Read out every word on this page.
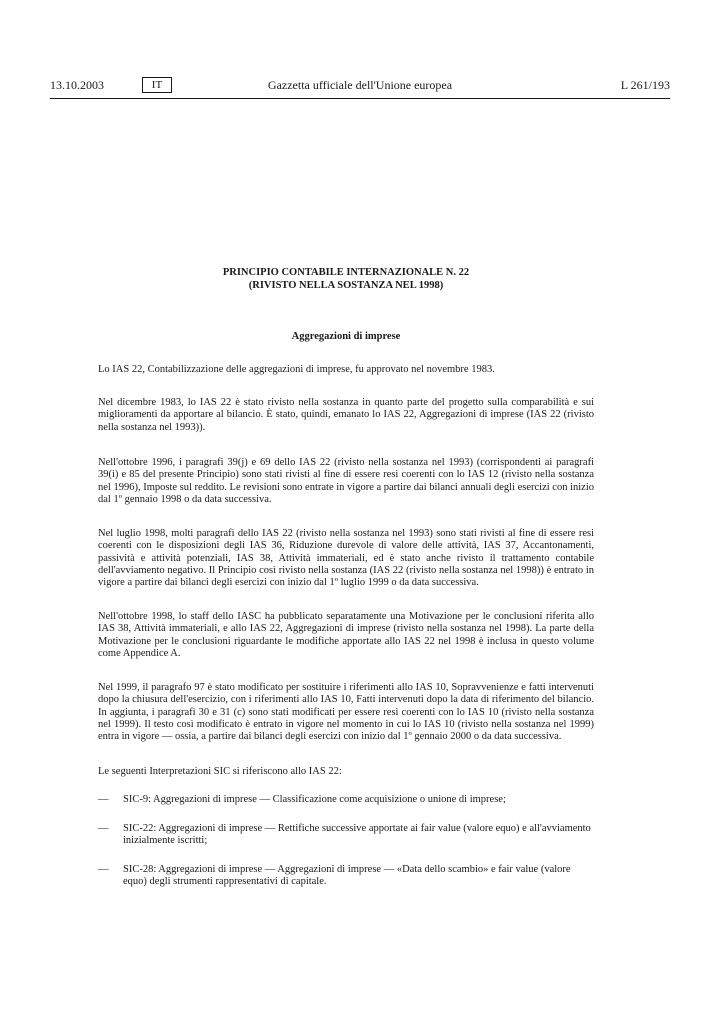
13.10.2003	IT	Gazzetta ufficiale dell'Unione europea	L 261/193
PRINCIPIO CONTABILE INTERNAZIONALE N. 22
(RIVISTO NELLA SOSTANZA NEL 1998)
Aggregazioni di imprese

Lo IAS 22, Contabilizzazione delle aggregazioni di imprese, fu approvato nel novembre 1983.

Nel dicembre 1983, lo IAS 22 è stato rivisto nella sostanza in quanto parte del progetto sulla comparabilità e sui miglioramenti da apportare al bilancio. È stato, quindi, emanato lo IAS 22, Aggregazioni di imprese (IAS 22 (rivisto nella sostanza nel 1993)).

Nell'ottobre 1996, i paragrafi 39(j) e 69 dello IAS 22 (rivisto nella sostanza nel 1993) (corrispondenti ai paragrafi 39(i) e 85 del presente Principio) sono stati rivisti al fine di essere resi coerenti con lo IAS 12 (rivisto nella sostanza nel 1996), Imposte sul reddito. Le revisioni sono entrate in vigore a partire dai bilanci annuali degli esercizi con inizio dal 1º gennaio 1998 o da data successiva.

Nel luglio 1998, molti paragrafi dello IAS 22 (rivisto nella sostanza nel 1993) sono stati rivisti al fine di essere resi coerenti con le disposizioni degli IAS 36, Riduzione durevole di valore delle attività, IAS 37, Accantonamenti, passività e attività potenziali, IAS 38, Attività immateriali, ed è stato anche rivisto il trattamento contabile dell'avviamento negativo. Il Principio così rivisto nella sostanza (IAS 22 (rivisto nella sostanza nel 1998)) è entrato in vigore a partire dai bilanci degli esercizi con inizio dal 1º luglio 1999 o da data successiva.

Nell'ottobre 1998, lo staff dello IASC ha pubblicato separatamente una Motivazione per le conclusioni riferita allo IAS 38, Attività immateriali, e allo IAS 22, Aggregazioni di imprese (rivisto nella sostanza nel 1998). La parte della Motivazione per le conclusioni riguardante le modifiche apportate allo IAS 22 nel 1998 è inclusa in questo volume come Appendice A.

Nel 1999, il paragrafo 97 è stato modificato per sostituire i riferimenti allo IAS 10, Sopravvenienze e fatti intervenuti dopo la chiusura dell'esercizio, con i riferimenti allo IAS 10, Fatti intervenuti dopo la data di riferimento del bilancio. In aggiunta, i paragrafi 30 e 31 (c) sono stati modificati per essere resi coerenti con lo IAS 10 (rivisto nella sostanza nel 1999). Il testo così modificato è entrato in vigore nel momento in cui lo IAS 10 (rivisto nella sostanza nel 1999) entra in vigore — ossia, a partire dai bilanci degli esercizi con inizio dal 1º gennaio 2000 o da data successiva.

Le seguenti Interpretazioni SIC si riferiscono allo IAS 22:

—	SIC-9: Aggregazioni di imprese — Classificazione come acquisizione o unione di imprese;
—	SIC-22: Aggregazioni di imprese — Rettifiche successive apportate ai fair value (valore equo) e all'avviamento inizialmente iscritti;
—	SIC-28: Aggregazioni di imprese — Aggregazioni di imprese — «Data dello scambio» e fair value (valore equo) degli strumenti rappresentativi di capitale.
